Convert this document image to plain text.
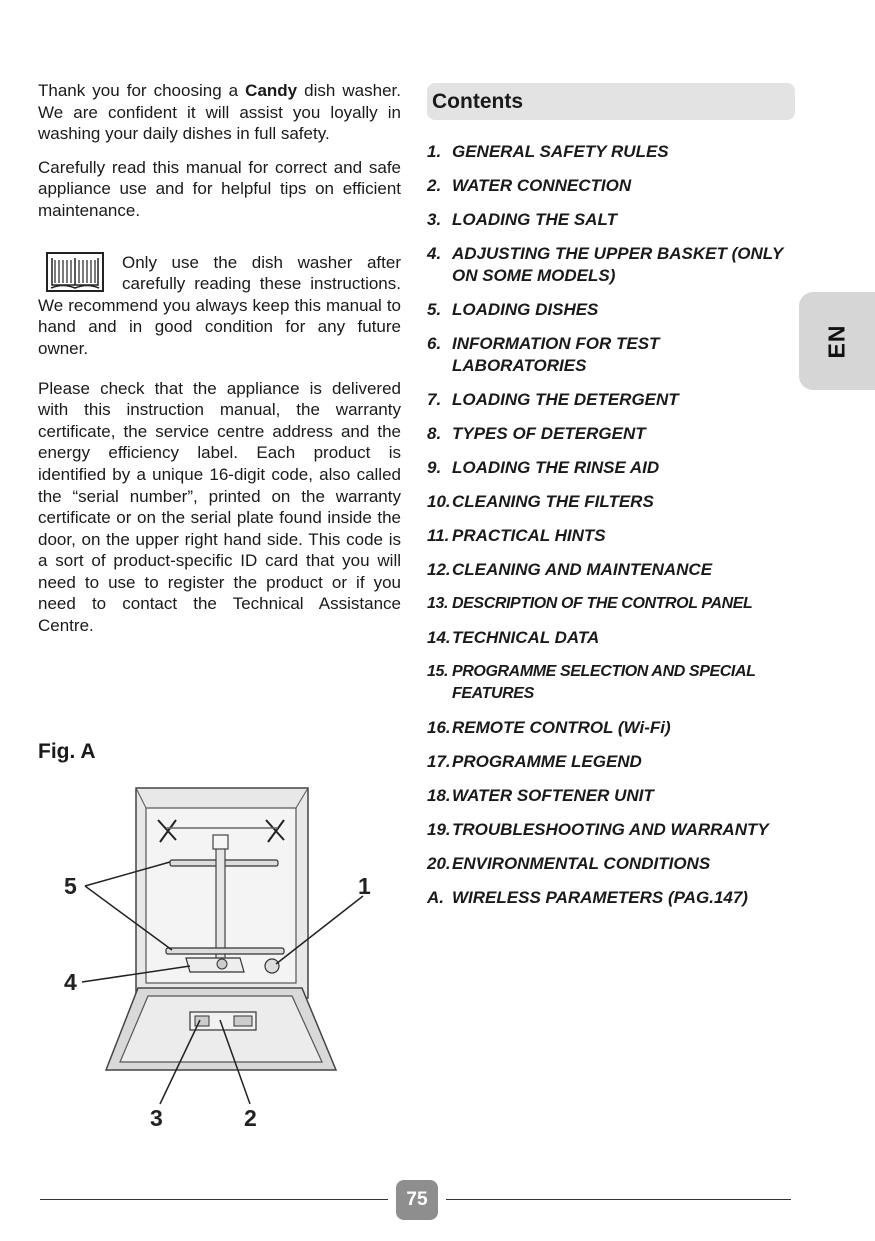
Thank you for choosing a Candy dish washer. We are confident it will assist you loyally in washing your daily dishes in full safety.

Carefully read this manual for correct and safe appliance use and for helpful tips on efficient maintenance.

Only use the dish washer after carefully reading these instructions. We recommend you always keep this manual to hand and in good condition for any future owner.

Please check that the appliance is delivered with this instruction manual, the warranty certificate, the service centre address and the energy efficiency label. Each product is identified by a unique 16-digit code, also called the “serial number”, printed on the warranty certificate or on the serial plate found inside the door, on the upper right hand side. This code is a sort of product-specific ID card that you will need to use to register the product or if you need to contact the Technical Assistance Centre.

Fig. A
5	1
4
3	2
Contents
1. GENERAL SAFETY RULES
2. WATER CONNECTION
3. LOADING THE SALT
4. ADJUSTING THE UPPER BASKET (ONLY ON SOME MODELS)
5. LOADING DISHES
6. INFORMATION FOR TEST LABORATORIES
7. LOADING THE DETERGENT
8. TYPES OF DETERGENT
9. LOADING THE RINSE AID
10. CLEANING THE FILTERS
11. PRACTICAL HINTS
12. CLEANING AND MAINTENANCE
13. DESCRIPTION OF THE CONTROL PANEL
14. TECHNICAL DATA
15. PROGRAMME SELECTION AND SPECIAL FEATURES
16. REMOTE CONTROL (Wi-Fi)
17. PROGRAMME LEGEND
18. WATER SOFTENER UNIT
19. TROUBLESHOOTING AND WARRANTY
20. ENVIRONMENTAL CONDITIONS
A. WIRELESS PARAMETERS (PAG.147)
EN
75
